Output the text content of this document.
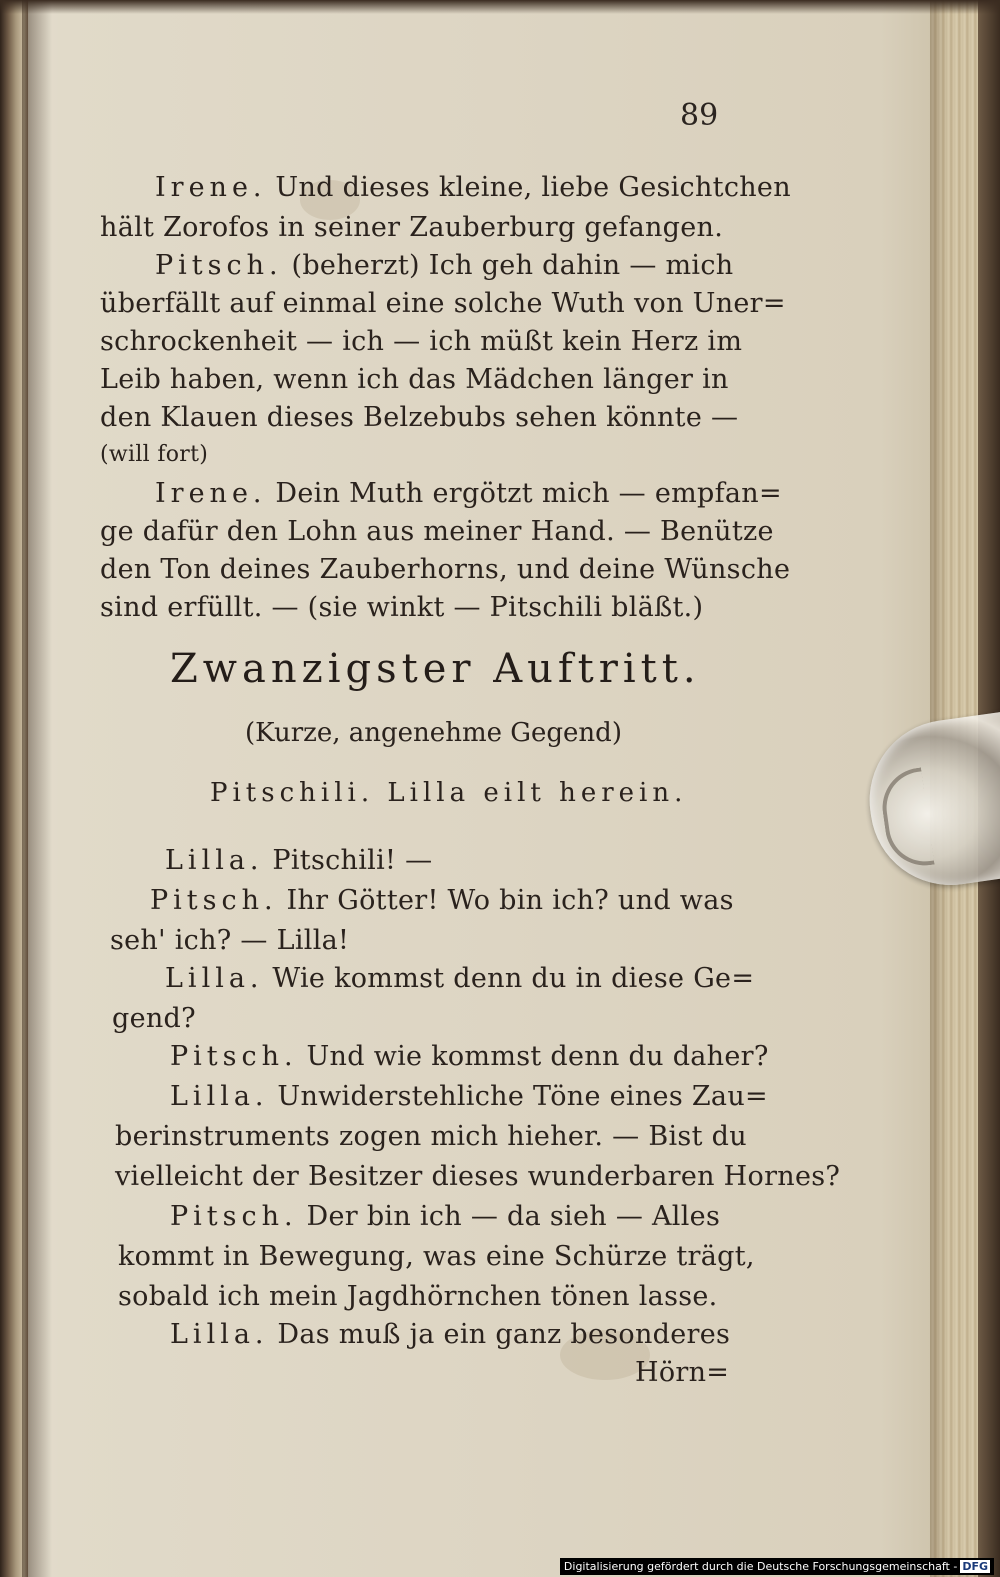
89
Irene. Und dieses kleine, liebe Gesichtchen
hält Zorofos in seiner Zauberburg gefangen.
Pitsch. (beherzt) Ich geh dahin — mich
überfällt auf einmal eine solche Wuth von Uner=
schrockenheit — ich — ich müßt kein Herz im
Leib haben, wenn ich das Mädchen länger in
den Klauen dieses Belzebubs sehen könnte —
(will fort)
Irene. Dein Muth ergötzt mich — empfan=
ge dafür den Lohn aus meiner Hand. — Benütze
den Ton deines Zauberhorns, und deine Wünsche
sind erfüllt. — (sie winkt — Pitschili bläßt.)
Zwanzigster Auftritt.
(Kurze, angenehme Gegend)
Pitschili. Lilla eilt herein.
Lilla. Pitschili! —
Pitsch. Ihr Götter! Wo bin ich? und was
seh' ich? — Lilla!
Lilla. Wie kommst denn du in diese Ge=
gend?
Pitsch. Und wie kommst denn du daher?
Lilla. Unwiderstehliche Töne eines Zau=
berinstruments zogen mich hieher. — Bist du
vielleicht der Besitzer dieses wunderbaren Hornes?
Pitsch. Der bin ich — da sieh — Alles
kommt in Bewegung, was eine Schürze trägt,
sobald ich mein Jagdhörnchen tönen lasse.
Lilla. Das muß ja ein ganz besonderes
Hörn=
Digitalisierung gefördert durch die Deutsche Forschungsgemeinschaft - DFG
